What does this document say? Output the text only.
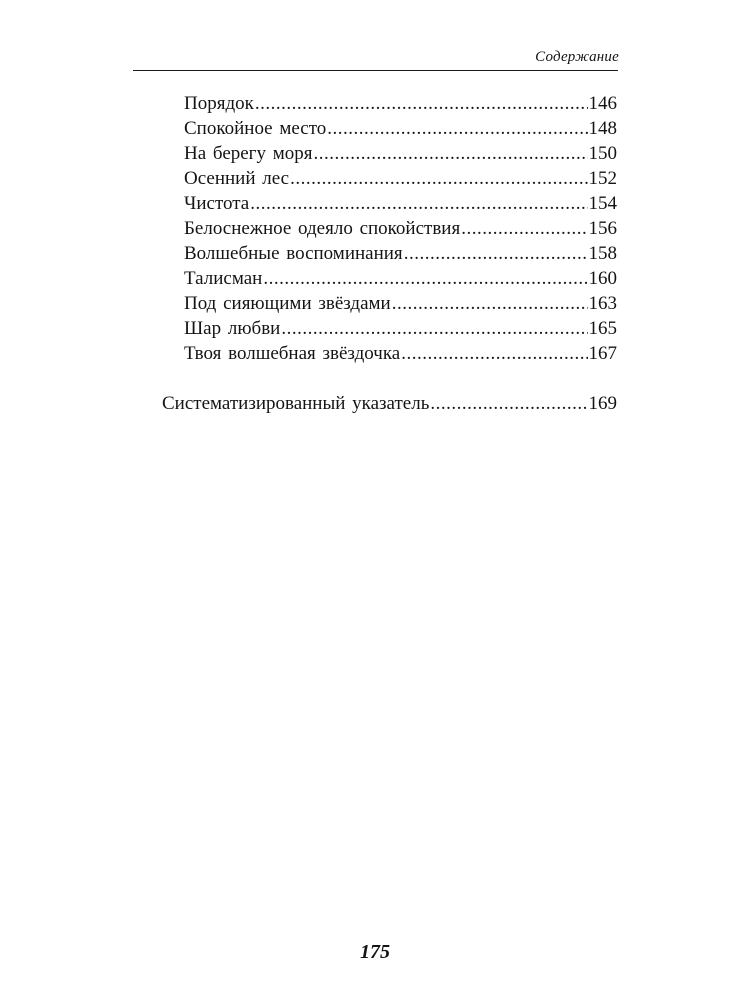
Содержание
Порядок .....	146
Спокойное место .....	148
На берегу моря .....	150
Осенний лес .....	152
Чистота .....	154
Белоснежное одеяло спокойствия .....	156
Волшебные воспоминания .....	158
Талисман .....	160
Под сияющими звёздами .....	163
Шар любви .....	165
Твоя волшебная звёздочка .....	167
Систематизированный указатель .....	169
175
